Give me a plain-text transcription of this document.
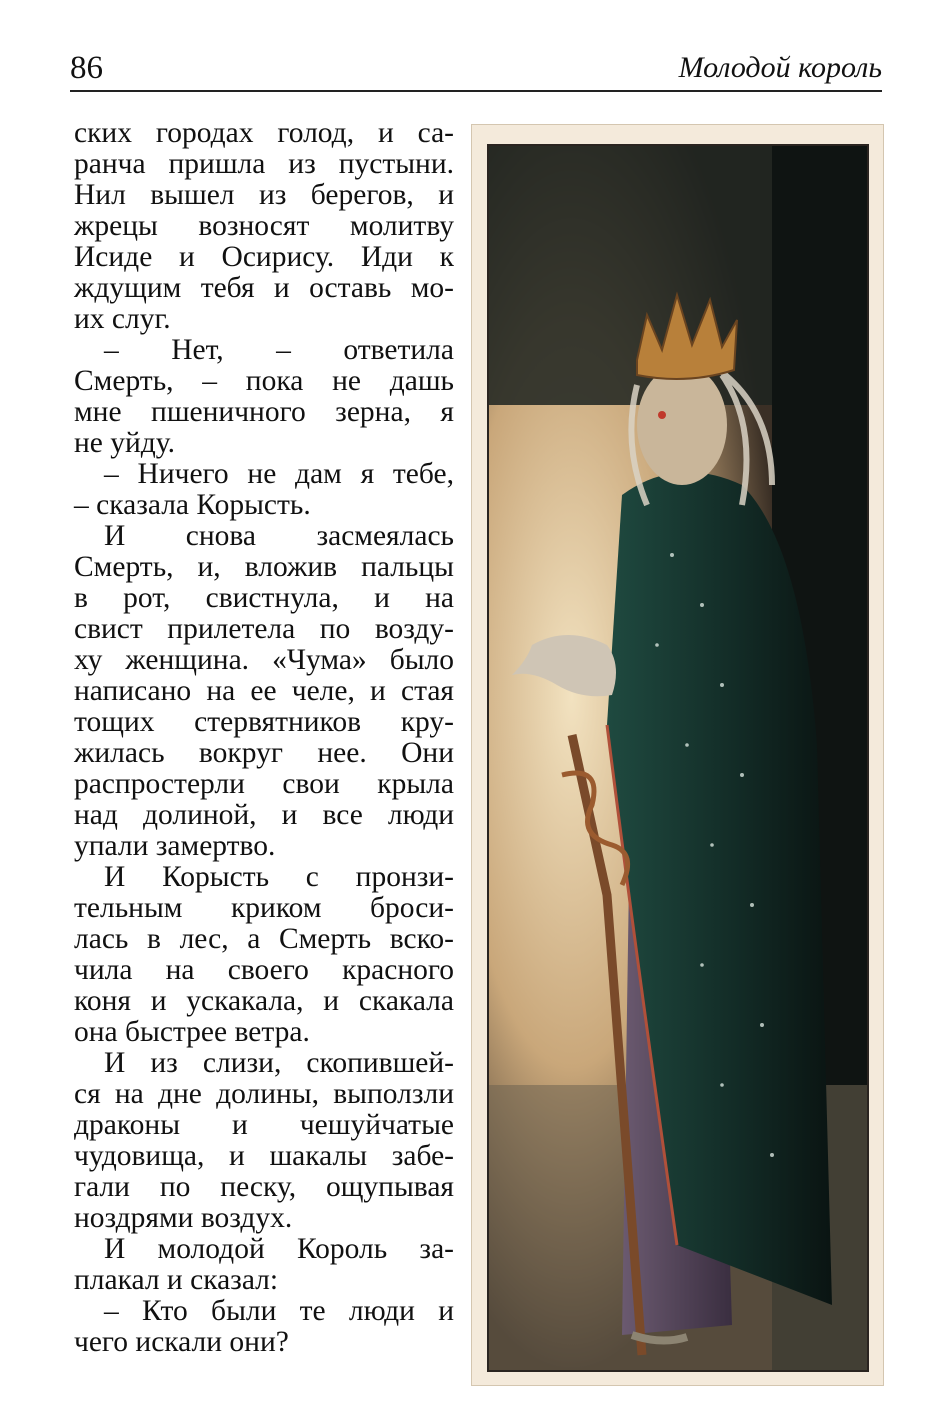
86	Молодой король
ских городах голод, и са-
ранча пришла из пустыни.
Нил вышел из берегов, и
жрецы возносят молитву
Исиде и Осирису. Иди к
ждущим тебя и оставь мо-
их слуг.
– Нет, – ответила
Смерть, – пока не дашь
мне пшеничного зерна, я
не уйду.
– Ничего не дам я тебе,
– сказала Корысть.
И снова засмеялась
Смерть, и, вложив пальцы
в рот, свистнула, и на
свист прилетела по возду-
ху женщина. «Чума» было
написано на ее челе, и стая
тощих стервятников кру-
жилась вокруг нее. Они
распростерли свои крыла
над долиной, и все люди
упали замертво.
И Корысть с пронзи-
тельным криком броси-
лась в лес, а Смерть вско-
чила на своего красного
коня и ускакала, и скакала
она быстрее ветра.
И из слизи, скопившей-
ся на дне долины, выползли
драконы и чешуйчатые
чудовища, и шакалы забе-
гали по песку, ощупывая
ноздрями воздух.
И молодой Король за-
плакал и сказал:
– Кто были те люди и
чего искали они?
